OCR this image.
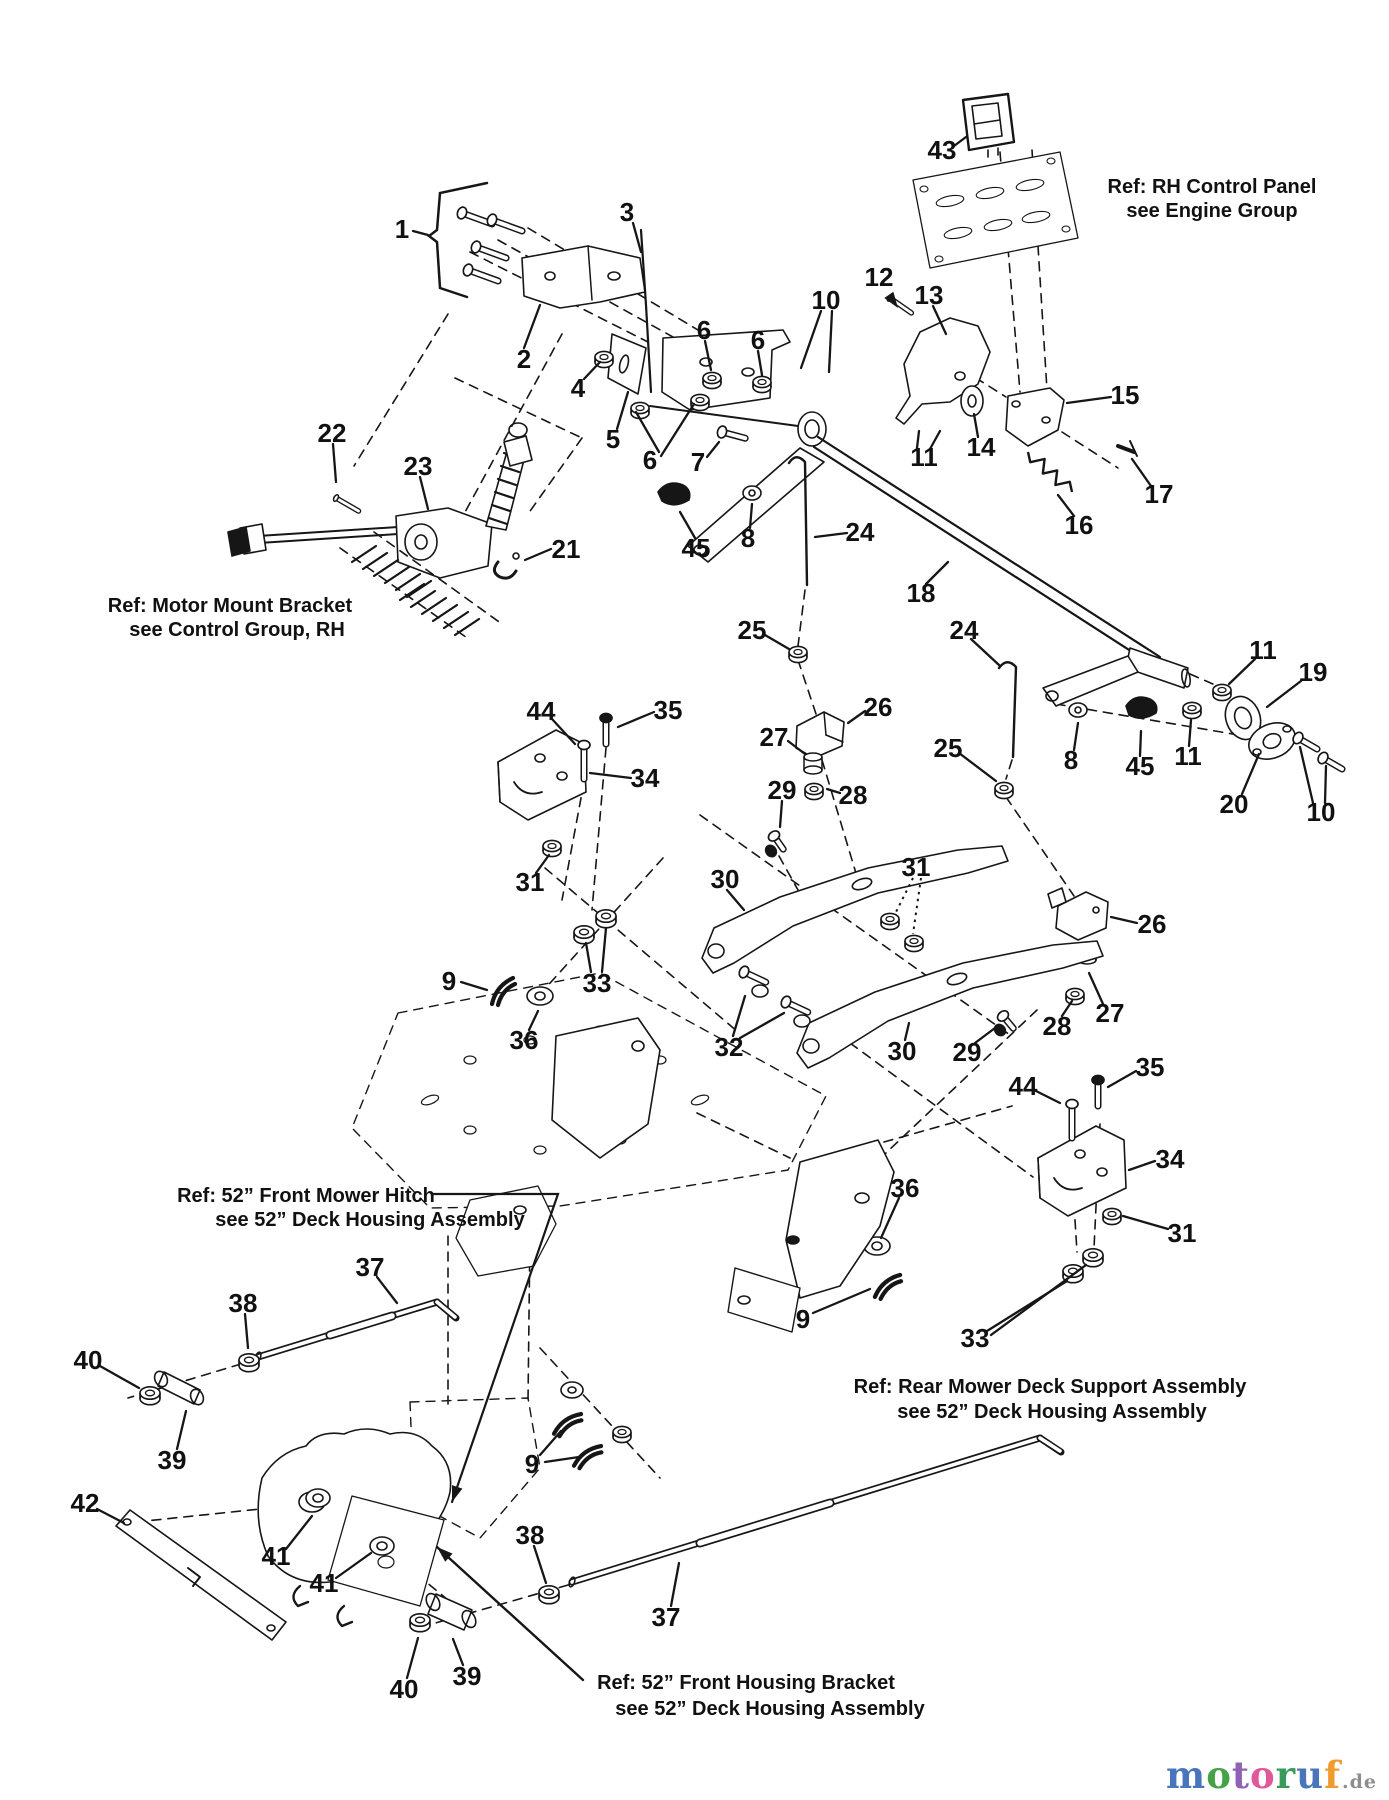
1
2
3
4
5
6 6
6 7
8
8
9
9
9
10
10
11
11
11
12
13
14
15
16
17
18
19
20
21
22
23
24
24
25
25
26
26
27
27
28
28
29
29
30
30
31	31
31
32
33
33
34
34
35
35
36
36
37
37
38
38
39
39
40
40
41
41
42
43
44
44
45
45
Ref: RH Control Panel
see Engine Group
Ref: Motor Mount Bracket
see Control Group, RH
Ref: 52” Front Mower Hitch
see 52” Deck Housing Assembly
Ref: Rear Mower Deck Support Assembly
see 52” Deck Housing Assembly
Ref: 52” Front Housing Bracket
see 52” Deck Housing Assembly
motoruf.de
